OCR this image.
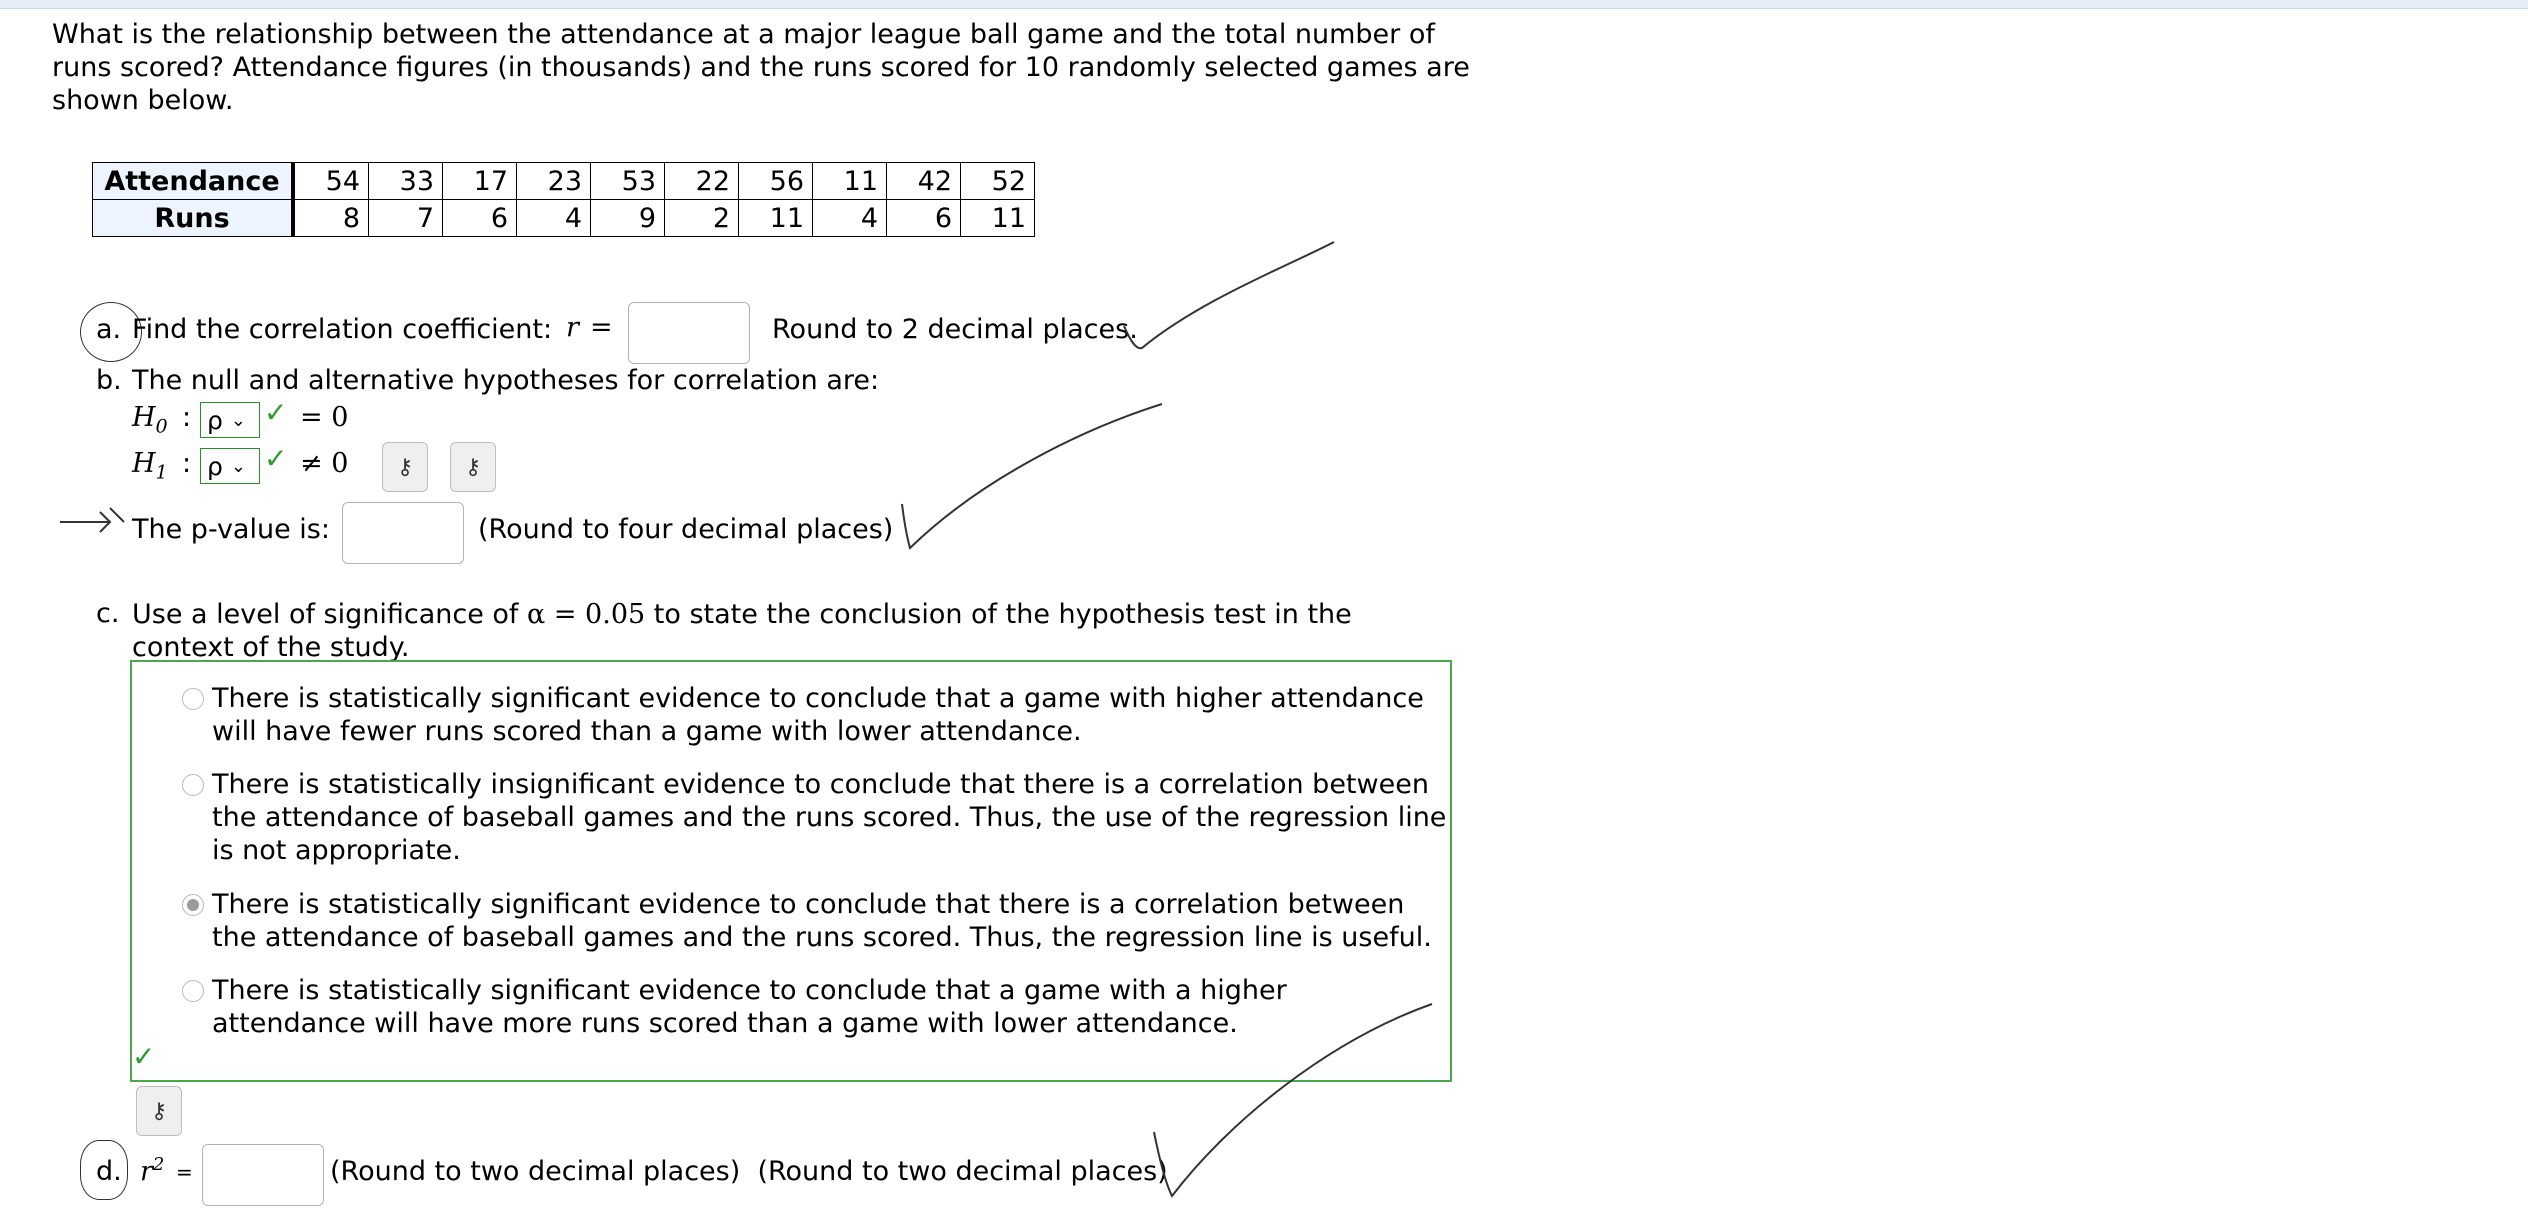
What is the relationship between the attendance at a major league ball game and the total number of runs scored? Attendance figures (in thousands) and the runs scored for 10 randomly selected games are shown below.
Attendance	54	33	17	23	53	22	56	11	42	52
Runs	8	7	6	4	9	2	11	4	6	11
a. Find the correlation coefficient: r =	Round to 2 decimal places.
b. The null and alternative hypotheses for correlation are:
$H_0$ : ρ ⌄ ✓ = 0
$H_1$ : ρ ⌄ ✓ ≠ 0	⚷	⚷
The p-value is:	(Round to four decimal places)
c. Use a level of significance of α = 0.05 to state the conclusion of the hypothesis test in the context of the study.
There is statistically significant evidence to conclude that a game with higher attendance will have fewer runs scored than a game with lower attendance.
There is statistically insignificant evidence to conclude that there is a correlation between the attendance of baseball games and the runs scored. Thus, the use of the regression line is not appropriate.
There is statistically significant evidence to conclude that there is a correlation between the attendance of baseball games and the runs scored. Thus, the regression line is useful.
There is statistically significant evidence to conclude that a game with a higher attendance will have more runs scored than a game with lower attendance.
✓
⚷
d. $r^2$ =	(Round to two decimal places)  (Round to two decimal places)
